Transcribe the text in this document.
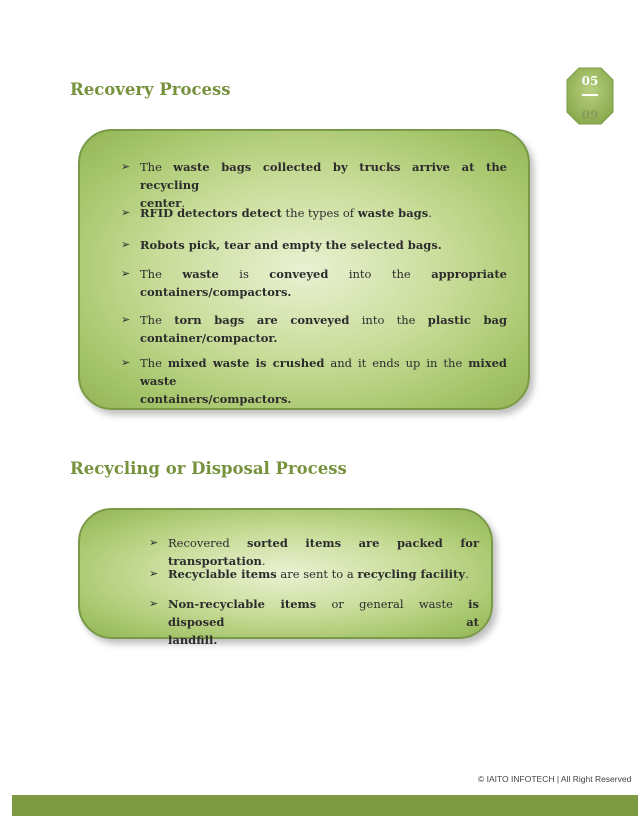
Recovery Process	05
09
➢ The waste bags collected by trucks arrive at the recycling
center.
➢ RFID detectors detect the types of waste bags.
➢ Robots pick, tear and empty the selected bags.
➢ The waste is conveyed into the appropriate
containers/compactors.
➢ The torn bags are conveyed into the plastic bag
container/compactor.
➢ The mixed waste is crushed and it ends up in the mixed waste
containers/compactors.
Recycling or Disposal Process
➢ Recovered sorted items are packed for transportation.
➢ Recyclable items are sent to a recycling facility.
➢ Non-recyclable items or general waste is disposed at
landfill.
© IAITO INFOTECH | All Right Reserved
